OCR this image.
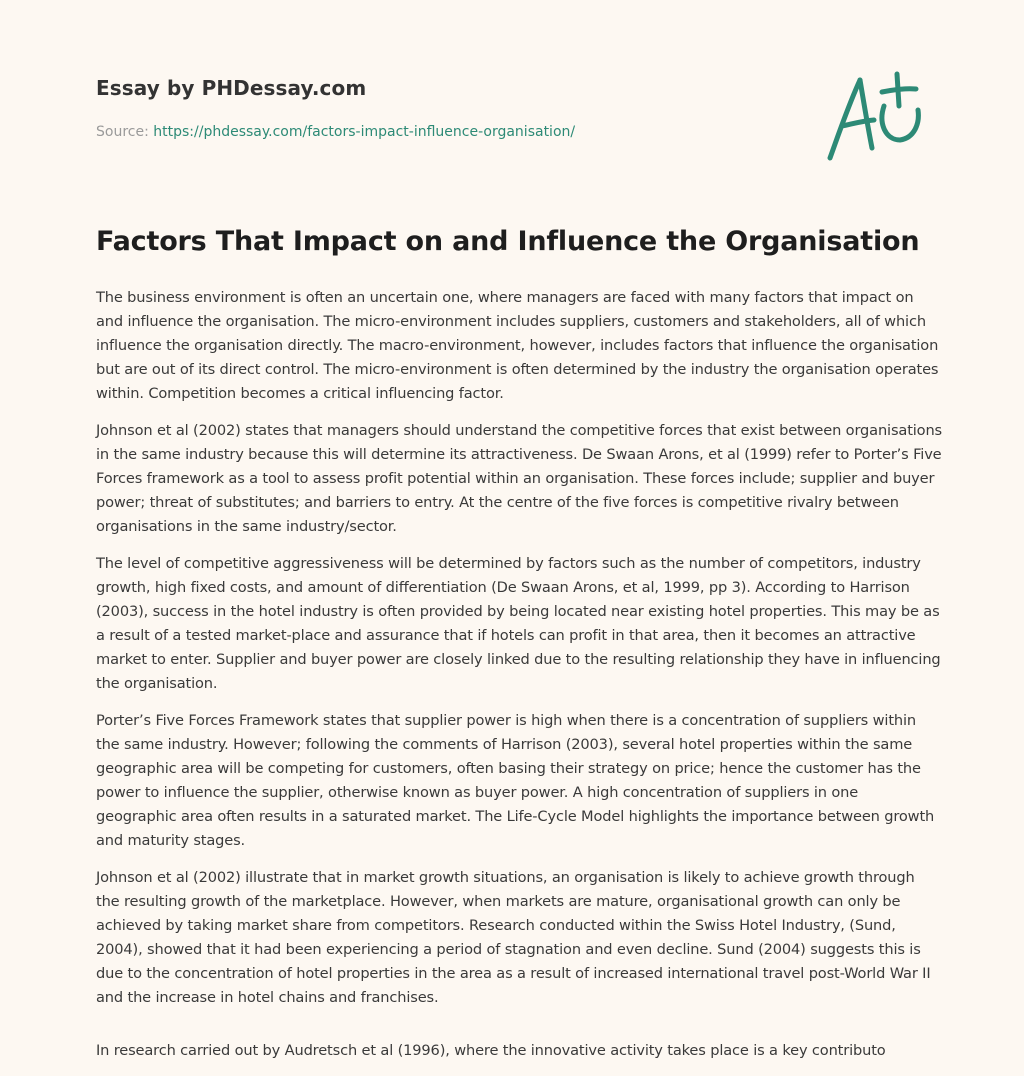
Essay by PHDessay.com
Source: https://phdessay.com/factors-impact-influence-organisation/
Factors That Impact on and Influence the Organisation

The business environment is often an uncertain one, where managers are faced with many factors that impact on and influence the organisation. The micro-environment includes suppliers, customers and stakeholders, all of which influence the organisation directly. The macro-environment, however, includes factors that influence the organisation but are out of its direct control. The micro-environment is often determined by the industry the organisation operates within. Competition becomes a critical influencing factor.

Johnson et al (2002) states that managers should understand the competitive forces that exist between organisations in the same industry because this will determine its attractiveness. De Swaan Arons, et al (1999) refer to Porter’s Five Forces framework as a tool to assess profit potential within an organisation. These forces include; supplier and buyer power; threat of substitutes; and barriers to entry. At the centre of the five forces is competitive rivalry between organisations in the same industry/sector.

The level of competitive aggressiveness will be determined by factors such as the number of competitors, industry growth, high fixed costs, and amount of differentiation (De Swaan Arons, et al, 1999, pp 3). According to Harrison (2003), success in the hotel industry is often provided by being located near existing hotel properties. This may be as a result of a tested market-place and assurance that if hotels can profit in that area, then it becomes an attractive market to enter. Supplier and buyer power are closely linked due to the resulting relationship they have in influencing the organisation.

Porter’s Five Forces Framework states that supplier power is high when there is a concentration of suppliers within the same industry. However; following the comments of Harrison (2003), several hotel properties within the same geographic area will be competing for customers, often basing their strategy on price; hence the customer has the power to influence the supplier, otherwise known as buyer power. A high concentration of suppliers in one geographic area often results in a saturated market. The Life-Cycle Model highlights the importance between growth and maturity stages.

Johnson et al (2002) illustrate that in market growth situations, an organisation is likely to achieve growth through the resulting growth of the marketplace. However, when markets are mature, organisational growth can only be achieved by taking market share from competitors. Research conducted within the Swiss Hotel Industry, (Sund, 2004), showed that it had been experiencing a period of stagnation and even decline. Sund (2004) suggests this is due to the concentration of hotel properties in the area as a result of increased international travel post-World War II and the increase in hotel chains and franchises.

In research carried out by Audretsch et al (1996), where the innovative activity takes place is a key contributo
